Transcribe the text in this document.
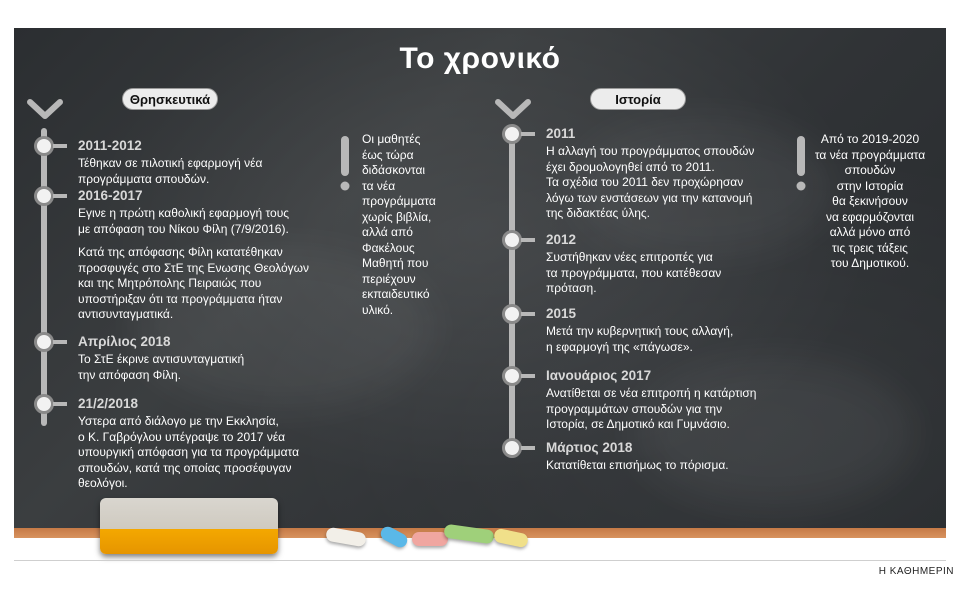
Το χρονικό
Θρησκευτικά
2011-2012
Τέθηκαν σε πιλοτική εφαρμογή νέα
προγράμματα σπουδών.
2016-2017
Εγινε η πρώτη καθολική εφαρμογή τους
με απόφαση του Νίκου Φίλη (7/9/2016).
Κατά της απόφασης Φίλη κατατέθηκαν
προσφυγές στο ΣτΕ της Ενωσης Θεολόγων
και της Μητρόπολης Πειραιώς που
υποστήριξαν ότι τα προγράμματα ήταν
αντισυνταγματικά.
Απρίλιος 2018
Το ΣτΕ έκρινε αντισυνταγματική
την απόφαση Φίλη.
21/2/2018
Υστερα από διάλογο με την Εκκλησία,
ο Κ. Γαβρόγλου υπέγραψε το 2017 νέα
υπουργική απόφαση για τα προγράμματα
σπουδών, κατά της οποίας προσέφυγαν
θεολόγοι.
Οι μαθητές
έως τώρα
διδάσκονται
τα νέα
προγράμματα
χωρίς βιβλία,
αλλά από
Φακέλους
Μαθητή που
περιέχουν
εκπαιδευτικό
υλικό.
Ιστορία
2011
Η αλλαγή του προγράμματος σπουδών
έχει δρομολογηθεί από το 2011.
Τα σχέδια του 2011 δεν προχώρησαν
λόγω των ενστάσεων για την κατανομή
της διδακτέας ύλης.
2012
Συστήθηκαν νέες επιτροπές για
τα προγράμματα, που κατέθεσαν
πρόταση.
2015
Μετά την κυβερνητική τους αλλαγή,
η εφαρμογή της «πάγωσε».
Ιανουάριος 2017
Ανατίθεται σε νέα επιτροπή η κατάρτιση
προγραμμάτων σπουδών για την
Ιστορία, σε Δημοτικό και Γυμνάσιο.
Μάρτιος 2018
Κατατίθεται επισήμως το πόρισμα.
Από το 2019-2020
τα νέα προγράμματα
σπουδών
στην Ιστορία
θα ξεκινήσουν
να εφαρμόζονται
αλλά μόνο από
τις τρεις τάξεις
του Δημοτικού.
Η ΚΑΘΗΜΕΡΙΝ
